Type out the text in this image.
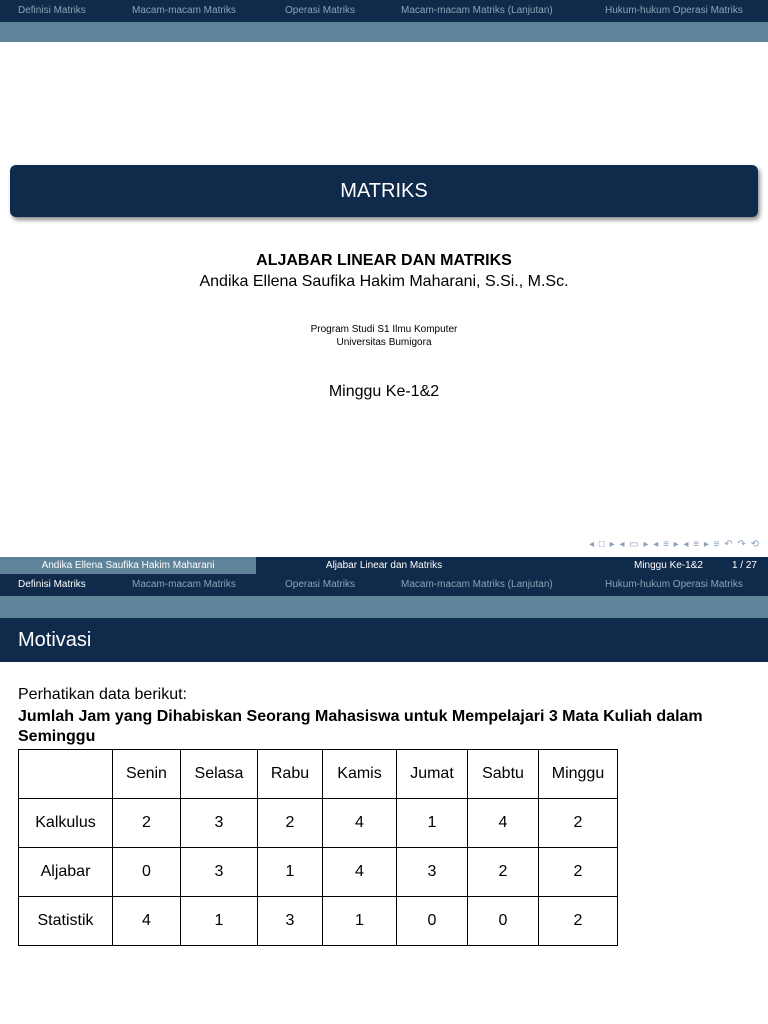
Definisi Matriks	Macam-macam Matriks	Operasi Matriks	Macam-macam Matriks (Lanjutan)	Hukum-hukum Operasi Matriks
MATRIKS
ALJABAR LINEAR DAN MATRIKS
Andika Ellena Saufika Hakim Maharani, S.Si., M.Sc.
Program Studi S1 Ilmu Komputer
Universitas Bumigora
Minggu Ke-1&2
◂ □ ▸ ◂ ▭ ▸ ◂ ≡ ▸ ◂ ≡ ▸ ≡ ↶ ↷ ⟲
Andika Ellena Saufika Hakim Maharani	Aljabar Linear dan Matriks	Minggu Ke-1&2	1 / 27
Definisi Matriks	Macam-macam Matriks	Operasi Matriks	Macam-macam Matriks (Lanjutan)	Hukum-hukum Operasi Matriks
Motivasi
Perhatikan data berikut:
Jumlah Jam yang Dihabiskan Seorang Mahasiswa untuk Mempelajari 3 Mata Kuliah dalam Seminggu
	Senin	Selasa	Rabu	Kamis	Jumat	Sabtu	Minggu
Kalkulus	2	3	2	4	1	4	2
Aljabar	0	3	1	4	3	2	2
Statistik	4	1	3	1	0	0	2
